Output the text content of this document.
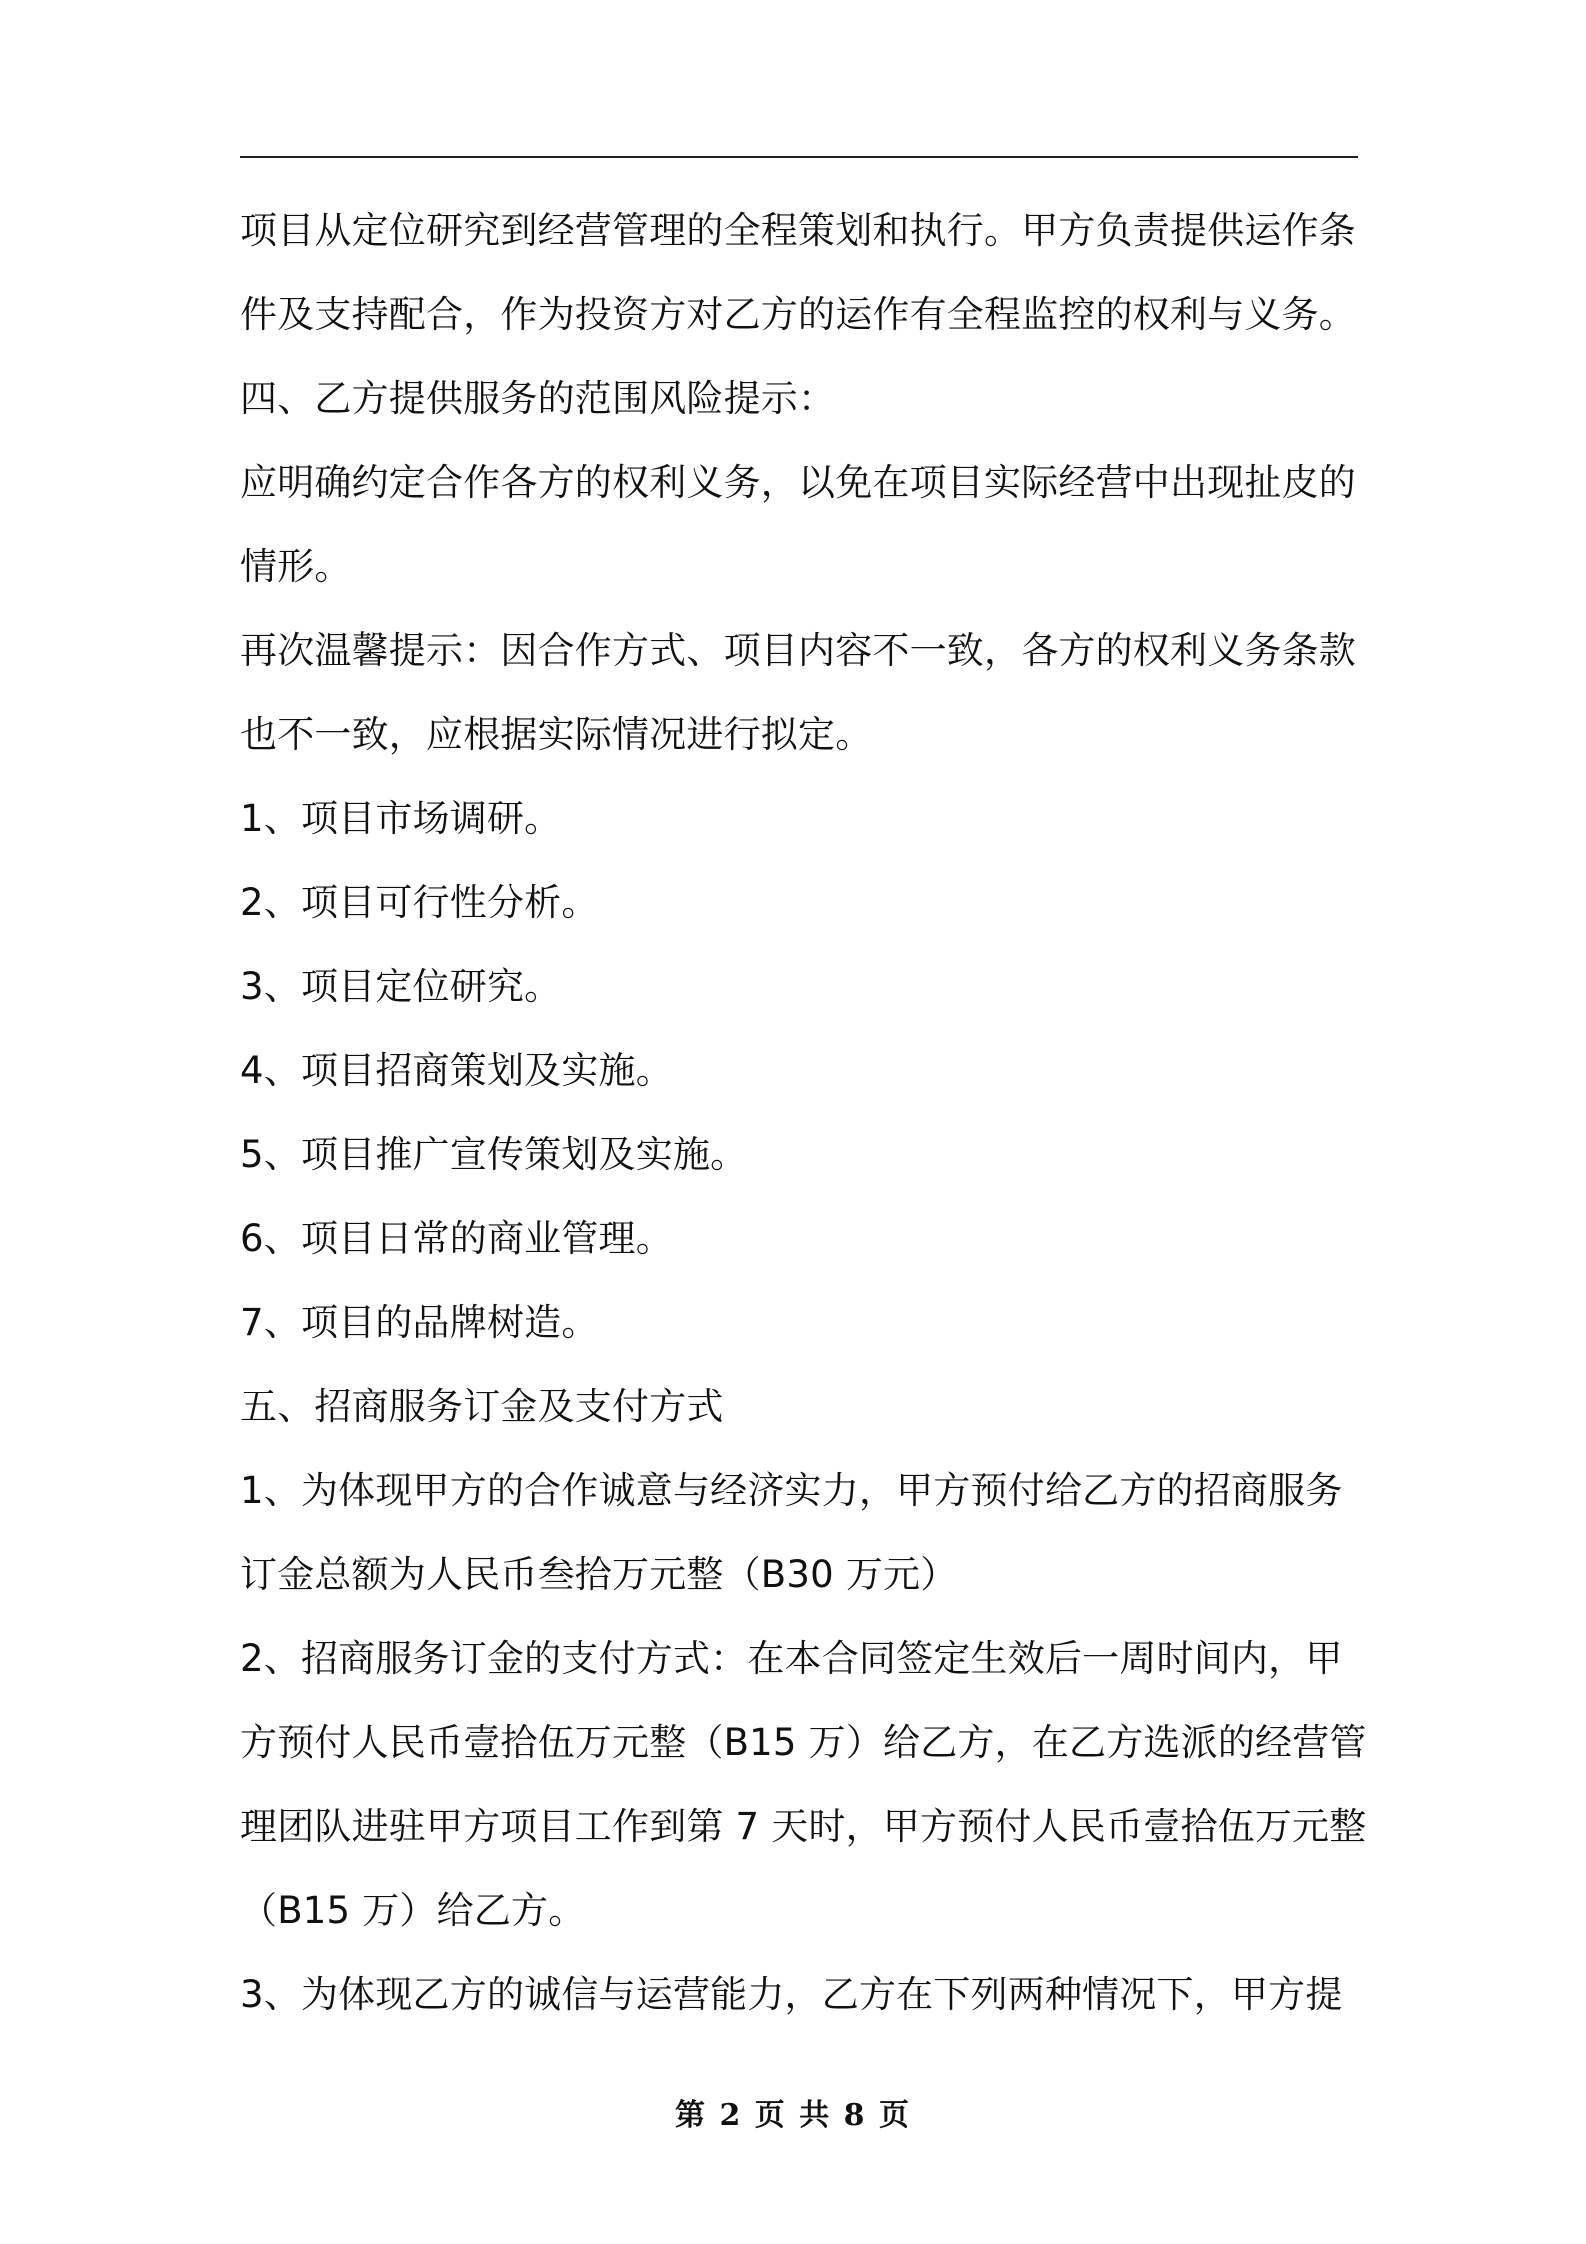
项目从定位研究到经营管理的全程策划和执行。甲方负责提供运作条
件及支持配合，作为投资方对乙方的运作有全程监控的权利与义务。
四、乙方提供服务的范围风险提示：
应明确约定合作各方的权利义务，以免在项目实际经营中出现扯皮的
情形。
再次温馨提示：因合作方式、项目内容不一致，各方的权利义务条款
也不一致，应根据实际情况进行拟定。
1、项目市场调研。
2、项目可行性分析。
3、项目定位研究。
4、项目招商策划及实施。
5、项目推广宣传策划及实施。
6、项目日常的商业管理。
7、项目的品牌树造。
五、招商服务订金及支付方式
1、为体现甲方的合作诚意与经济实力，甲方预付给乙方的招商服务
订金总额为人民币叁拾万元整（B30 万元）
2、招商服务订金的支付方式：在本合同签定生效后一周时间内，甲
方预付人民币壹拾伍万元整（B15 万）给乙方，在乙方选派的经营管
理团队进驻甲方项目工作到第 7 天时，甲方预付人民币壹拾伍万元整
（B15 万）给乙方。
3、为体现乙方的诚信与运营能力，乙方在下列两种情况下，甲方提
第 2 页 共 8 页
